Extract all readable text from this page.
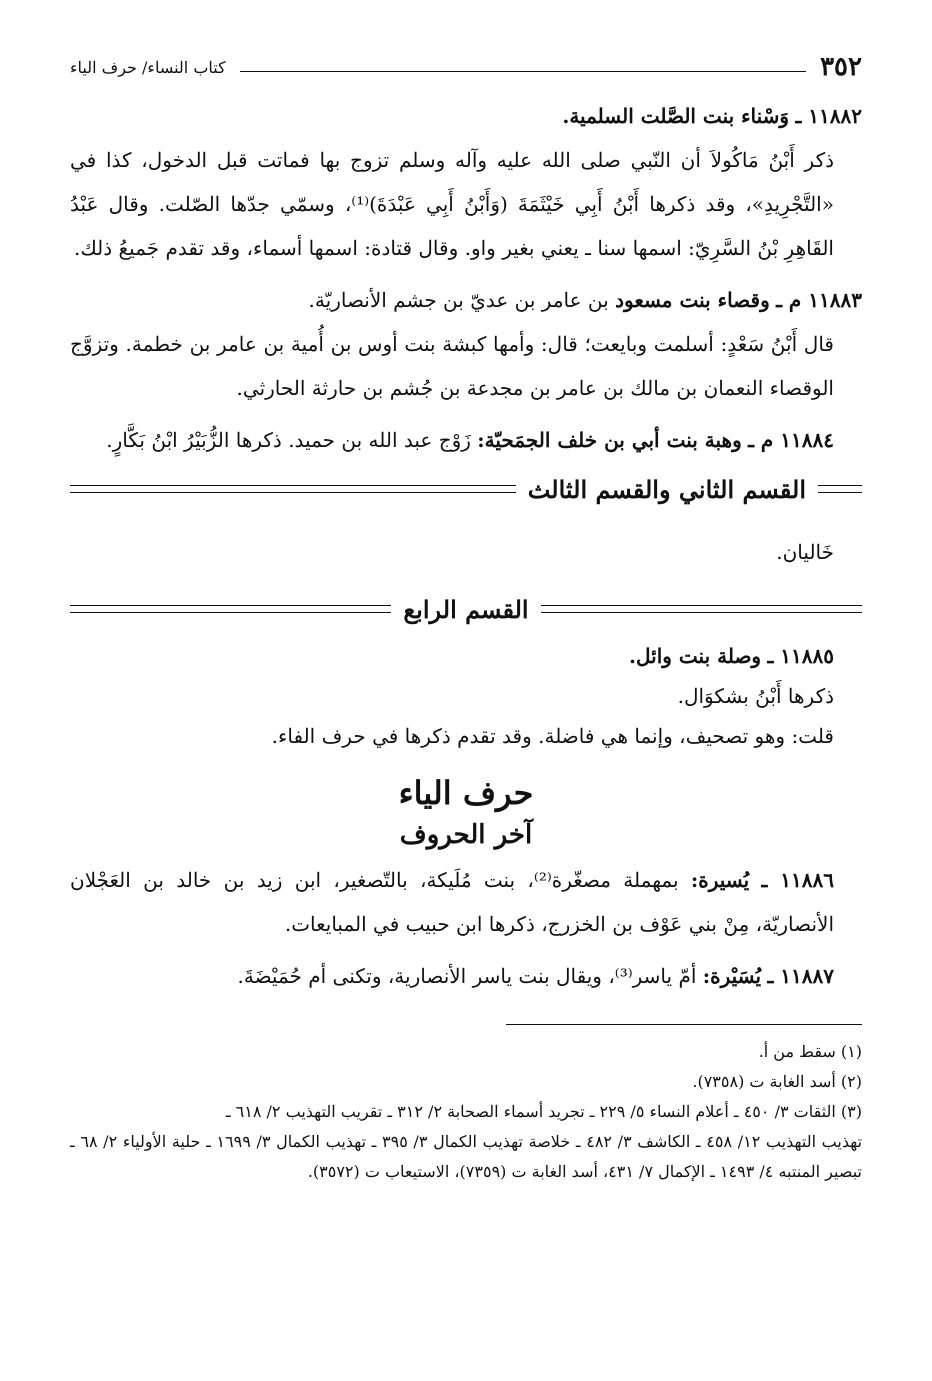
٣٥٢
كتاب النساء/ حرف الياء

١١٨٨٢ ـ وَسْناء بنت الصَّلت السلمية.

ذكر أَبْنُ مَاكُولاَ أن النّبي صلى الله عليه وآله وسلم تزوج بها فماتت قبل الدخول، كذا في «التَّجْرِيدِ»، وقد ذكرها أَبْنُ أَبِي خَيْثَمَةَ (وَأَبْنُ أَبِي عَبْدَةَ)⁽¹⁾، وسمّي جدّها الصّلت. وقال عَبْدُ القَاهِرِ بْنُ السَّرِيّ: اسمها سنا ـ يعني بغير واو. وقال قتادة: اسمها أسماء، وقد تقدم جَميعُ ذلك.

١١٨٨٣ م ـ وقصاء بنت مسعود بن عامر بن عديّ بن جشم الأنصاريّة.

قال أَبْنُ سَعْدٍ: أسلمت وبايعت؛ قال: وأمها كبشة بنت أوس بن أُمية بن عامر بن خطمة. وتزوَّج الوقصاء النعمان بن مالك بن عامر بن مجدعة بن جُشم بن حارثة الحارثي.

١١٨٨٤ م ـ وهبة بنت أبي بن خلف الجمَحيّة: زَوْج عبد الله بن حميد. ذكرها الزُّبَيْرُ ابْنُ بَكَّارٍ.

القسم الثاني والقسم الثالث

خَاليان.

القسم الرابع

١١٨٨٥ ـ وصلة بنت وائل.

ذكرها أَبْنُ بشكوَال.

قلت: وهو تصحيف، وإنما هي فاضلة. وقد تقدم ذكرها في حرف الفاء.

حرف الياء

آخر الحروف

١١٨٨٦ ـ يُسيرة: بمهملة مصغّرة⁽²⁾، بنت مُلَيكة، بالتّصغير، ابن زيد بن خالد بن العَجْلان الأنصاريّة، مِنْ بني عَوْف بن الخزرج، ذكرها ابن حبيب في المبايعات.

١١٨٨٧ ـ يُسَيْرة: أمّ ياسر⁽³⁾، ويقال بنت ياسر الأنصارية، وتكنى أم حُمَيْضَةَ.

(١) سقط من أ.

(٢) أسد الغابة ت (٧٣٥٨).

(٣) الثقات ٣/ ٤٥٠ ـ أعلام النساء ٥/ ٢٢٩ ـ تجريد أسماء الصحابة ٢/ ٣١٢ ـ تقريب التهذيب ٢/ ٦١٨ ـ

تهذيب التهذيب ١٢/ ٤٥٨ ـ الكاشف ٣/ ٤٨٢ ـ خلاصة تهذيب الكمال ٣/ ٣٩٥ ـ تهذيب الكمال ٣/ ١٦٩٩ ـ حلية الأولياء ٢/ ٦٨ ـ تبصير المنتبه ٤/ ١٤٩٣ ـ الإكمال ٧/ ٤٣١، أسد الغابة ت (٧٣٥٩)، الاستيعاب ت (٣٥٧٢).
